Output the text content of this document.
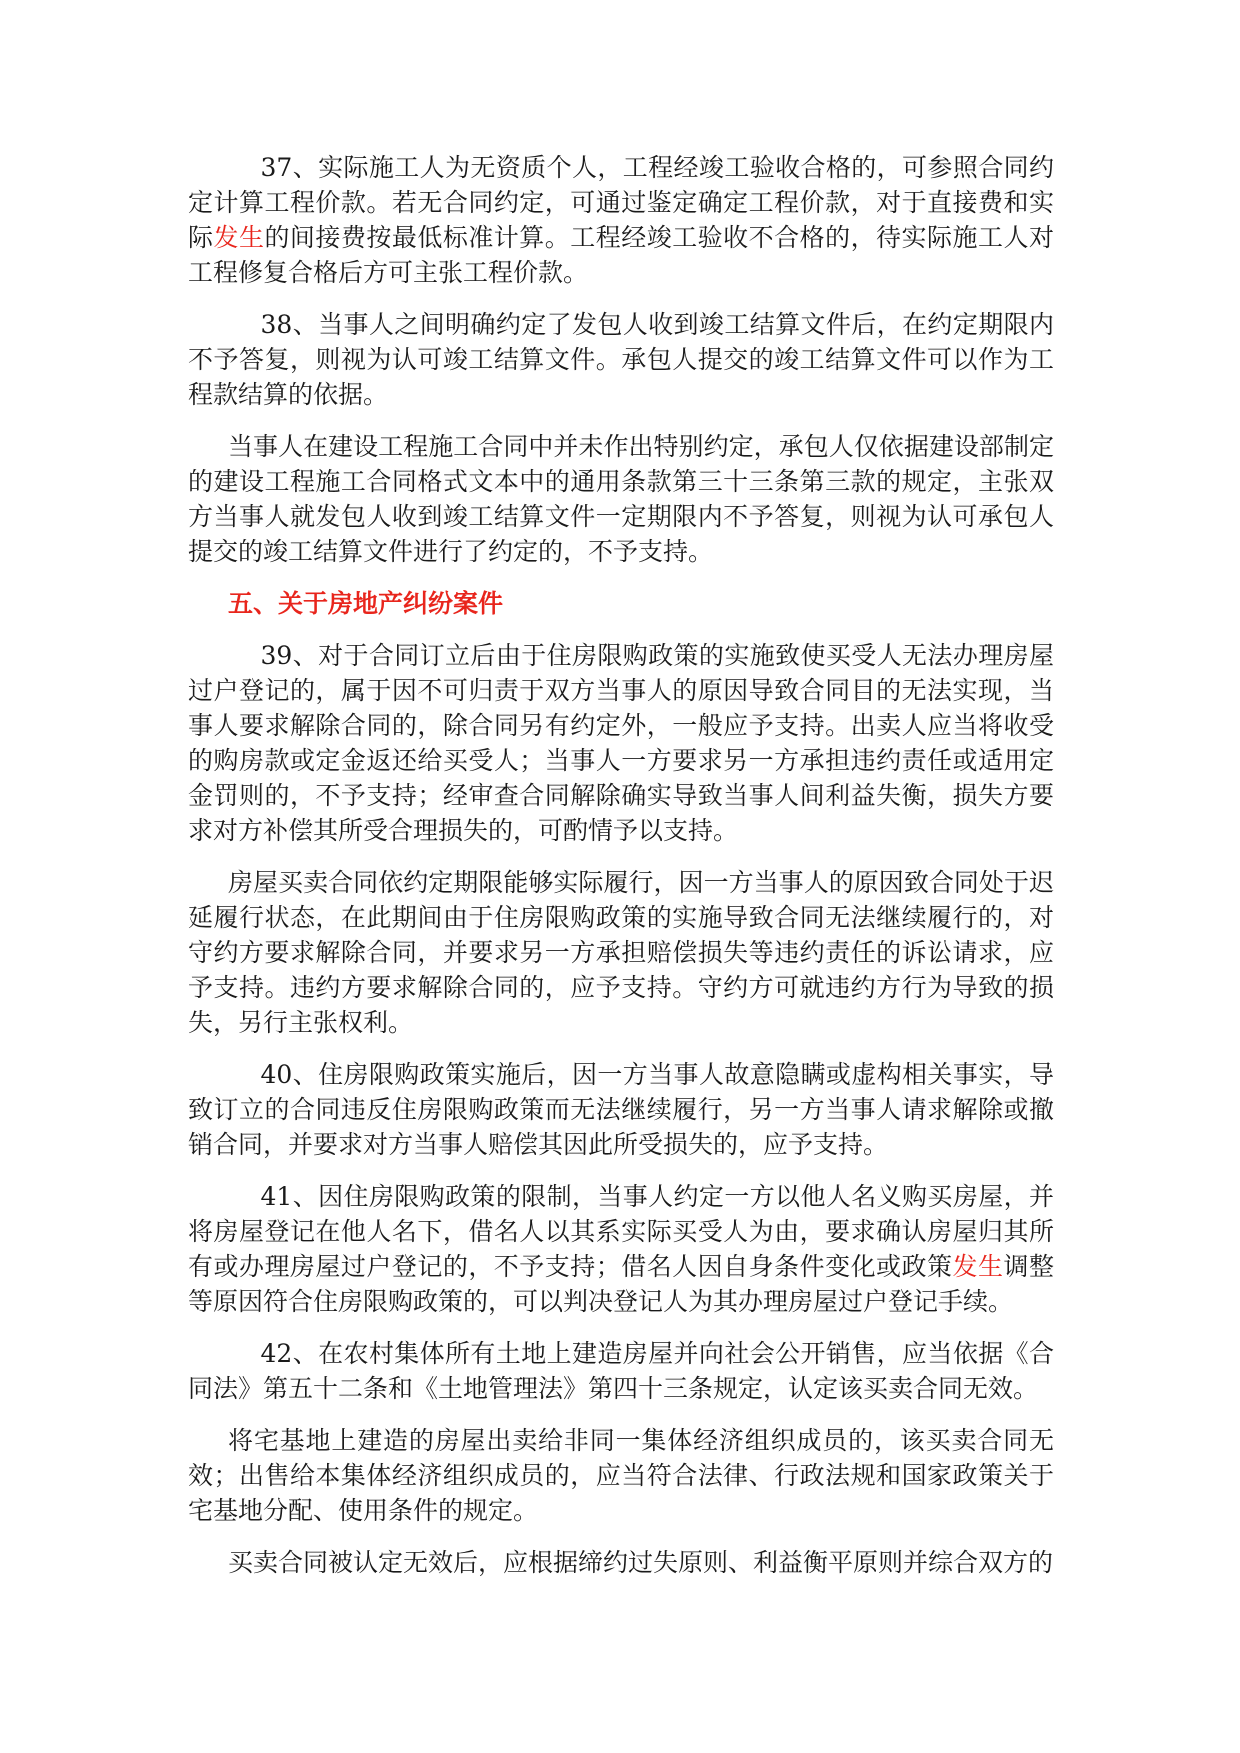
37、实际施工人为无资质个人，工程经竣工验收合格的，可参照合同约定计算工程价款。若无合同约定，可通过鉴定确定工程价款，对于直接费和实际发生的间接费按最低标准计算。工程经竣工验收不合格的，待实际施工人对工程修复合格后方可主张工程价款。

38、当事人之间明确约定了发包人收到竣工结算文件后，在约定期限内不予答复，则视为认可竣工结算文件。承包人提交的竣工结算文件可以作为工程款结算的依据。

当事人在建设工程施工合同中并未作出特别约定，承包人仅依据建设部制定的建设工程施工合同格式文本中的通用条款第三十三条第三款的规定，主张双方当事人就发包人收到竣工结算文件一定期限内不予答复，则视为认可承包人提交的竣工结算文件进行了约定的，不予支持。

五、关于房地产纠纷案件

39、对于合同订立后由于住房限购政策的实施致使买受人无法办理房屋过户登记的，属于因不可归责于双方当事人的原因导致合同目的无法实现，当事人要求解除合同的，除合同另有约定外，一般应予支持。出卖人应当将收受的购房款或定金返还给买受人；当事人一方要求另一方承担违约责任或适用定金罚则的，不予支持；经审查合同解除确实导致当事人间利益失衡，损失方要求对方补偿其所受合理损失的，可酌情予以支持。

房屋买卖合同依约定期限能够实际履行，因一方当事人的原因致合同处于迟延履行状态，在此期间由于住房限购政策的实施导致合同无法继续履行的，对守约方要求解除合同，并要求另一方承担赔偿损失等违约责任的诉讼请求，应予支持。违约方要求解除合同的，应予支持。守约方可就违约方行为导致的损失，另行主张权利。

40、住房限购政策实施后，因一方当事人故意隐瞒或虚构相关事实，导致订立的合同违反住房限购政策而无法继续履行，另一方当事人请求解除或撤销合同，并要求对方当事人赔偿其因此所受损失的，应予支持。

41、因住房限购政策的限制，当事人约定一方以他人名义购买房屋，并将房屋登记在他人名下，借名人以其系实际买受人为由，要求确认房屋归其所有或办理房屋过户登记的，不予支持；借名人因自身条件变化或政策发生调整等原因符合住房限购政策的，可以判决登记人为其办理房屋过户登记手续。

42、在农村集体所有土地上建造房屋并向社会公开销售，应当依据《合同法》第五十二条和《土地管理法》第四十三条规定，认定该买卖合同无效。

将宅基地上建造的房屋出卖给非同一集体经济组织成员的，该买卖合同无效；出售给本集体经济组织成员的，应当符合法律、行政法规和国家政策关于宅基地分配、使用条件的规定。

买卖合同被认定无效后，应根据缔约过失原则、利益衡平原则并综合双方的
